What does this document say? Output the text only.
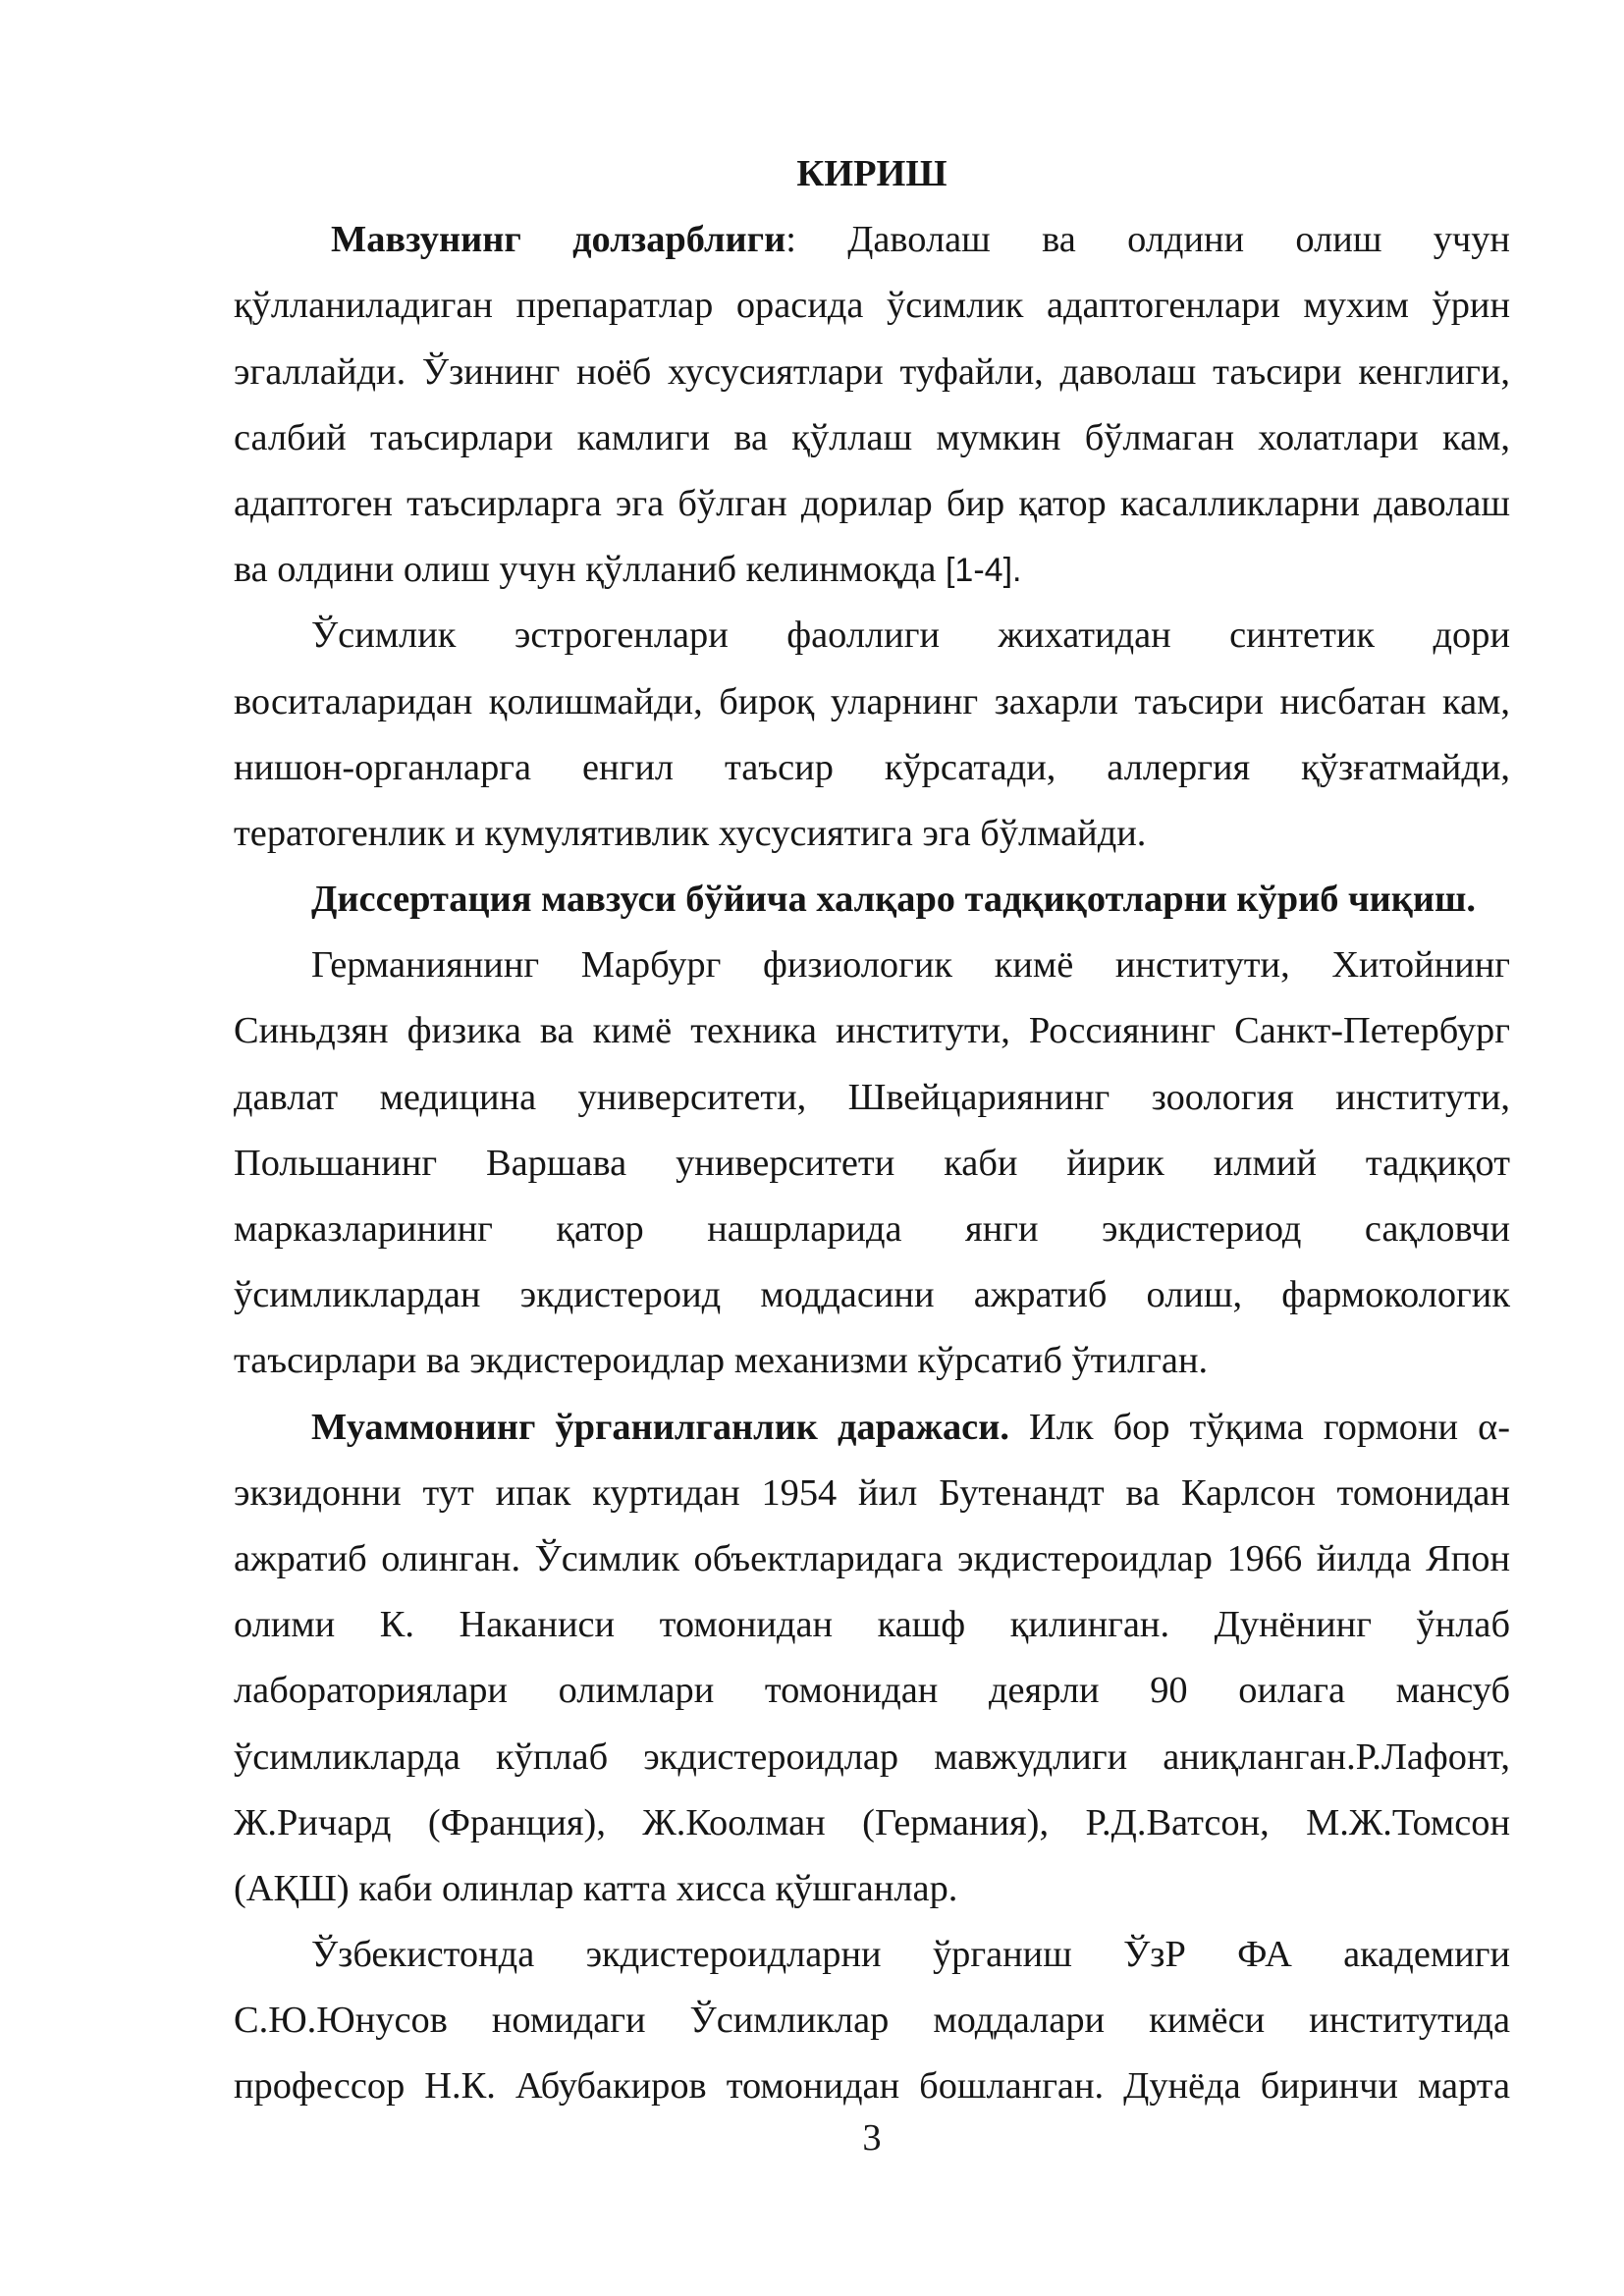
КИРИШ
Мавзунинг долзарблиги: Даволаш ва олдини олиш учун
қўлланиладиган препаратлар орасида ўсимлик адаптогенлари мухим ўрин
эгаллайди. Ўзининг ноёб хусусиятлари туфайли, даволаш таъсири кенглиги,
салбий таъсирлари камлиги ва қўллаш мумкин бўлмаган холатлари кам,
адаптоген таъсирларга эга бўлган дорилар бир қатор касалликларни даволаш
ва олдини олиш учун қўлланиб келинмоқда [1-4].
Ўсимлик эстрогенлари фаоллиги жихатидан синтетик дори
воситаларидан қолишмайди, бироқ уларнинг захарли таъсири нисбатан кам,
нишон-органларга енгил таъсир кўрсатади, аллергия қўзғатмайди,
тератогенлик и кумулятивлик хусусиятига эга бўлмайди.
Диссертация мавзуси бўйича халқаро тадқиқотларни кўриб чиқиш.
Германиянинг Марбург физиологик кимё институти, Хитойнинг
Синьдзян физика ва кимё техника институти, Россиянинг Санкт-Петербург
давлат медицина университети, Швейцариянинг зоология институти,
Польшанинг Варшава университети каби йирик илмий тадқиқот
марказларининг қатор нашрларида янги экдистериод сақловчи
ўсимликлардан экдистероид моддасини ажратиб олиш, фармокологик
таъсирлари ва экдистероидлар механизми кўрсатиб ўтилган.
Муаммонинг ўрганилганлик даражаси. Илк бор тўқима гормони α-
экзидонни тут ипак куртидан 1954 йил Бутенандт ва Карлсон томонидан
ажратиб олинган. Ўсимлик объектларидага экдистероидлар 1966 йилда Япон
олими К. Наканиси томонидан кашф қилинган. Дунёнинг ўнлаб
лабораториялари олимлари томонидан деярли 90 оилага мансуб
ўсимликларда кўплаб экдистероидлар мавжудлиги аниқланган.Р.Лафонт,
Ж.Ричард (Франция), Ж.Коолман (Германия), Р.Д.Ватсон, М.Ж.Томсон
(АҚШ) каби олинлар катта хисса қўшганлар.
Ўзбекистонда экдистероидларни ўрганиш ЎзР ФА академиги
С.Ю.Юнусов номидаги Ўсимликлар моддалари кимёси институтида
профессор Н.К. Абубакиров томонидан бошланган. Дунёда биринчи марта
3
